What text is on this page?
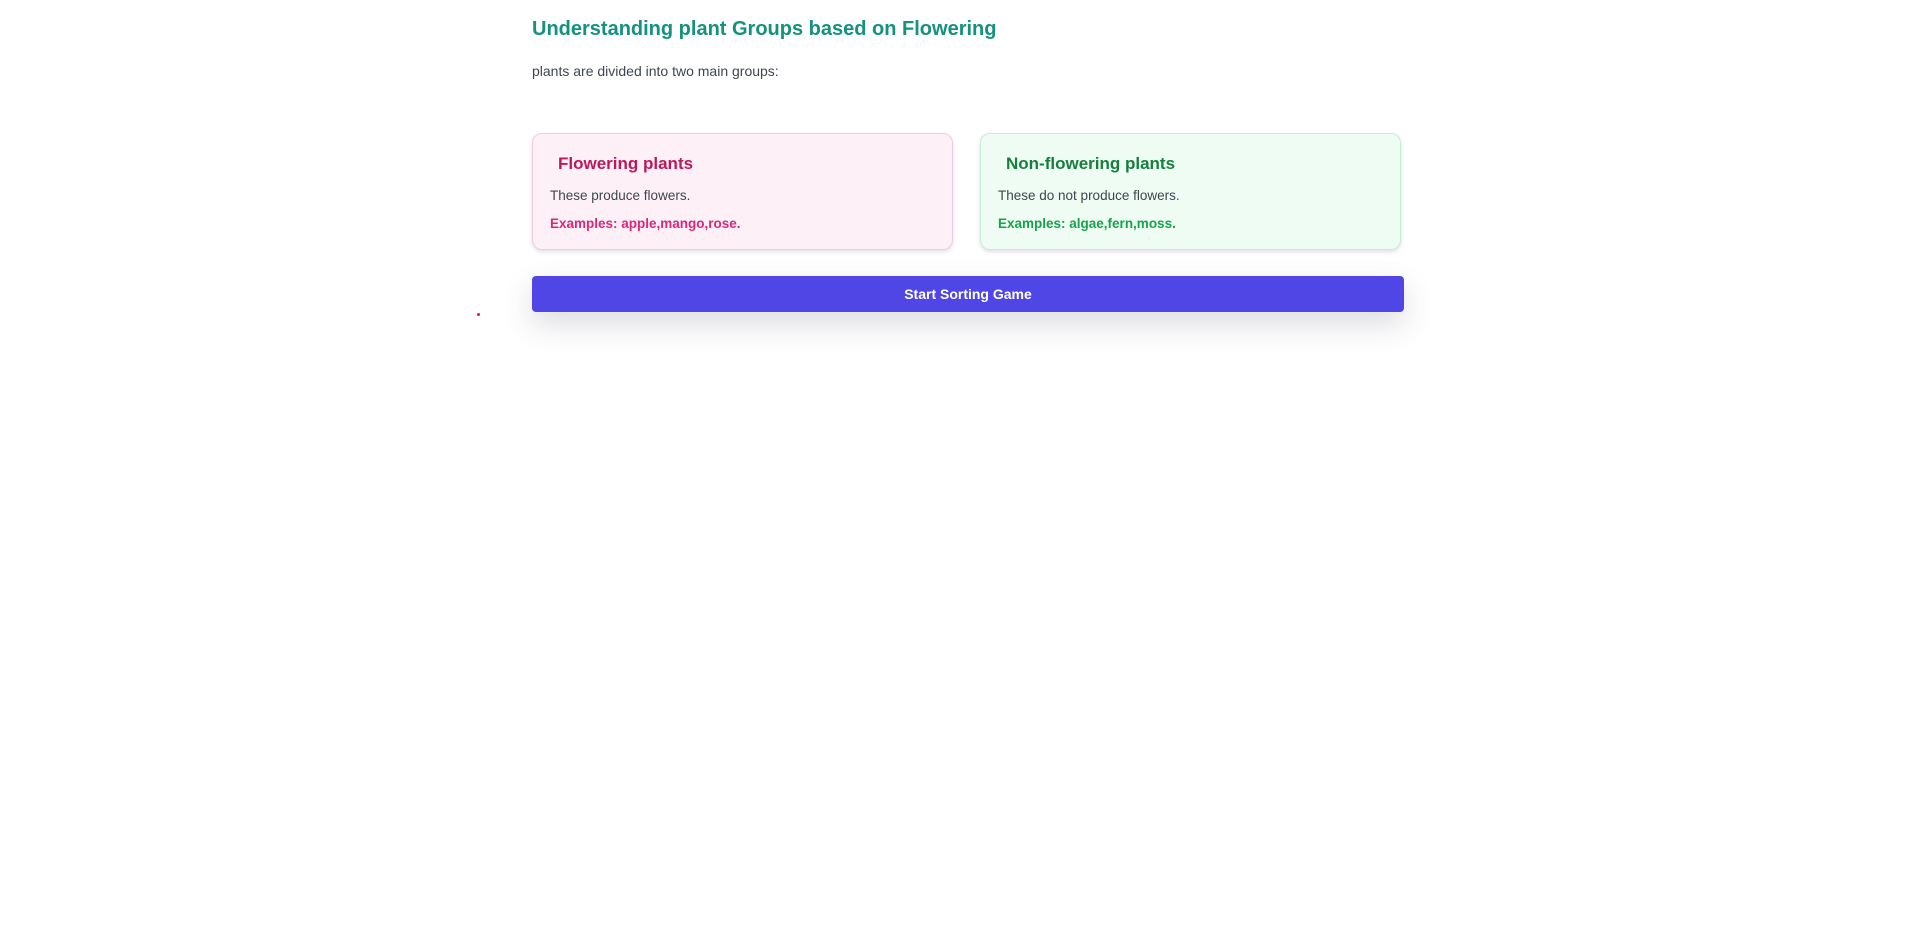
Understanding plant Groups based on Flowering

plants are divided into two main groups:

Flowering plants

These produce flowers.

Examples: apple,mango,rose.

Non-flowering plants

These do not produce flowers.

Examples: algae,fern,moss.

Start Sorting Game
